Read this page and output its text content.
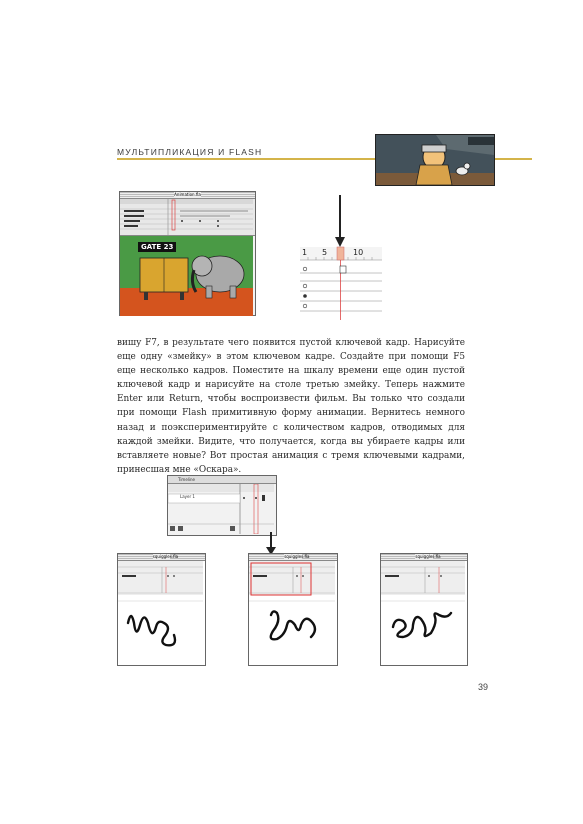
МУЛЬТИПЛИКАЦИЯ И FLASH
Animation.fla
GATE 23
1 5	10
вишу F7, в результате чего появится пустой ключевой кадр. Нарисуйте еще одну «змейку» в этом ключевом кадре. Создайте при помощи F5 еще несколько кадров. Поместите на шкалу времени еще один пустой ключевой кадр и нарисуйте на столе третью змейку. Теперь нажмите Enter или Return, чтобы воспроизвести фильм. Вы только что создали при помощи Flash примитивную форму анимации. Вернитесь немного назад и поэкспериментируйте с количеством кадров, отводимых для каждой змейки. Видите, что получается, когда вы убираете кадры или вставляете новые? Вот простая анимация с тремя ключевыми кадрами, принесшая мне «Оскара».
Timeline
Layer 1
squiggles.fla	squiggles.fla	squiggles.fla
39
